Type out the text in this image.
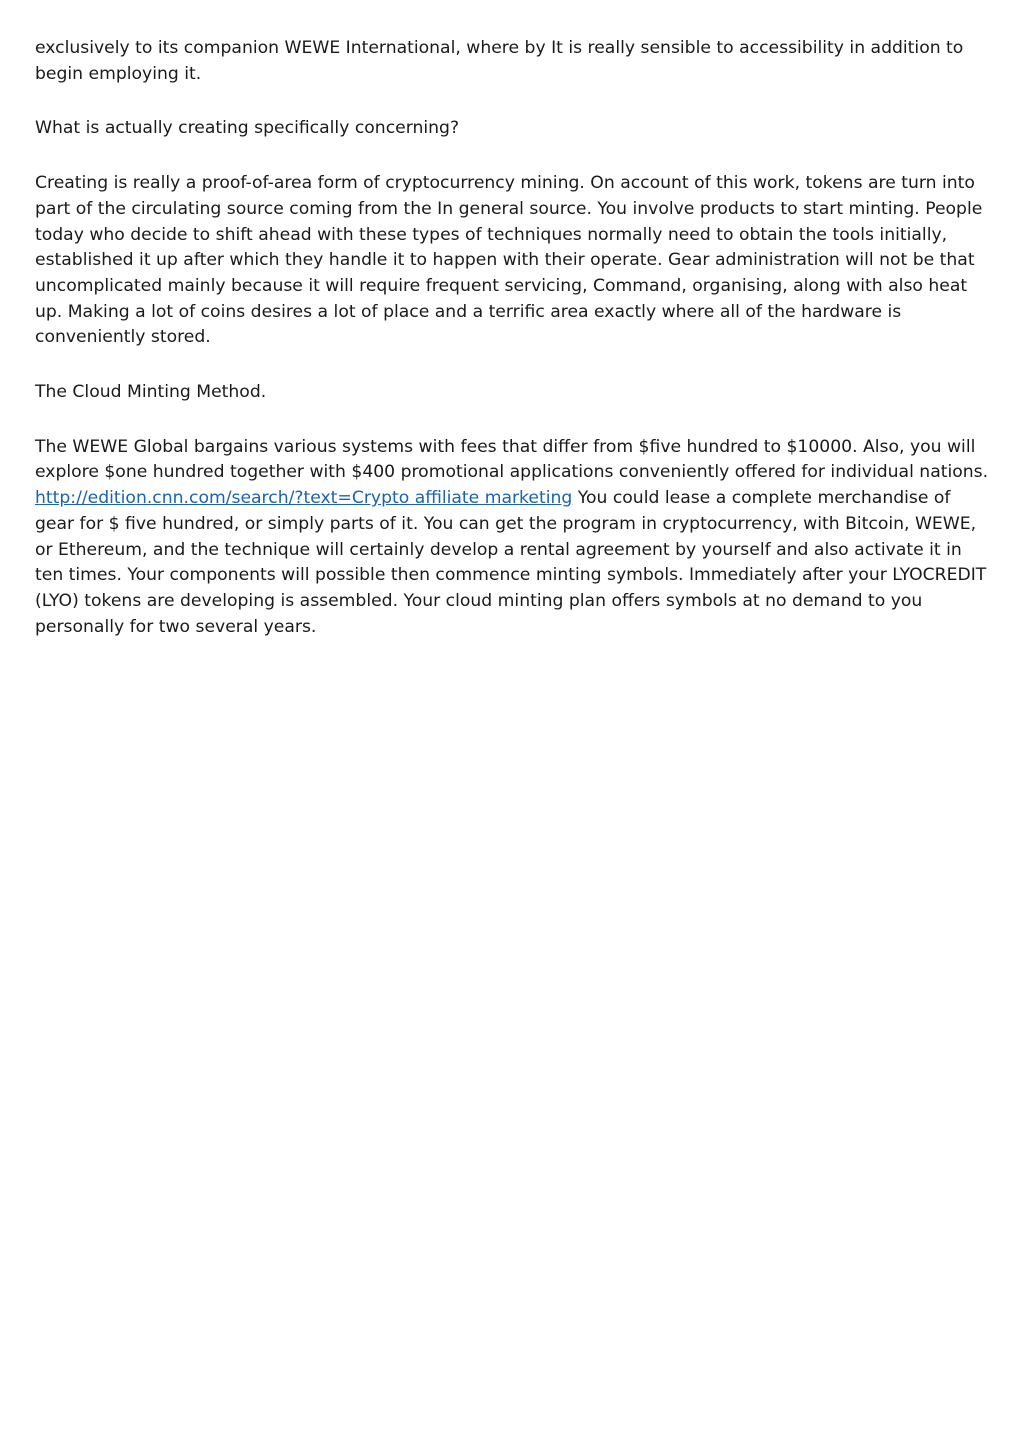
exclusively to its companion WEWE International, where by It is really sensible to accessibility in addition to begin employing it.

What is actually creating specifically concerning?

Creating is really a proof-of-area form of cryptocurrency mining. On account of this work, tokens are turn into part of the circulating source coming from the In general source. You involve products to start minting. People today who decide to shift ahead with these types of techniques normally need to obtain the tools initially, established it up after which they handle it to happen with their operate. Gear administration will not be that uncomplicated mainly because it will require frequent servicing, Command, organising, along with also heat up. Making a lot of coins desires a lot of place and a terrific area exactly where all of the hardware is conveniently stored.

The Cloud Minting Method.

The WEWE Global bargains various systems with fees that differ from $five hundred to $10000. Also, you will explore $one hundred together with $400 promotional applications conveniently offered for individual nations. http://edition.cnn.com/search/?text=Crypto affiliate marketing You could lease a complete merchandise of gear for $ five hundred, or simply parts of it. You can get the program in cryptocurrency, with Bitcoin, WEWE, or Ethereum, and the technique will certainly develop a rental agreement by yourself and also activate it in ten times. Your components will possible then commence minting symbols. Immediately after your LYOCREDIT (LYO) tokens are developing is assembled. Your cloud minting plan offers symbols at no demand to you personally for two several years.
